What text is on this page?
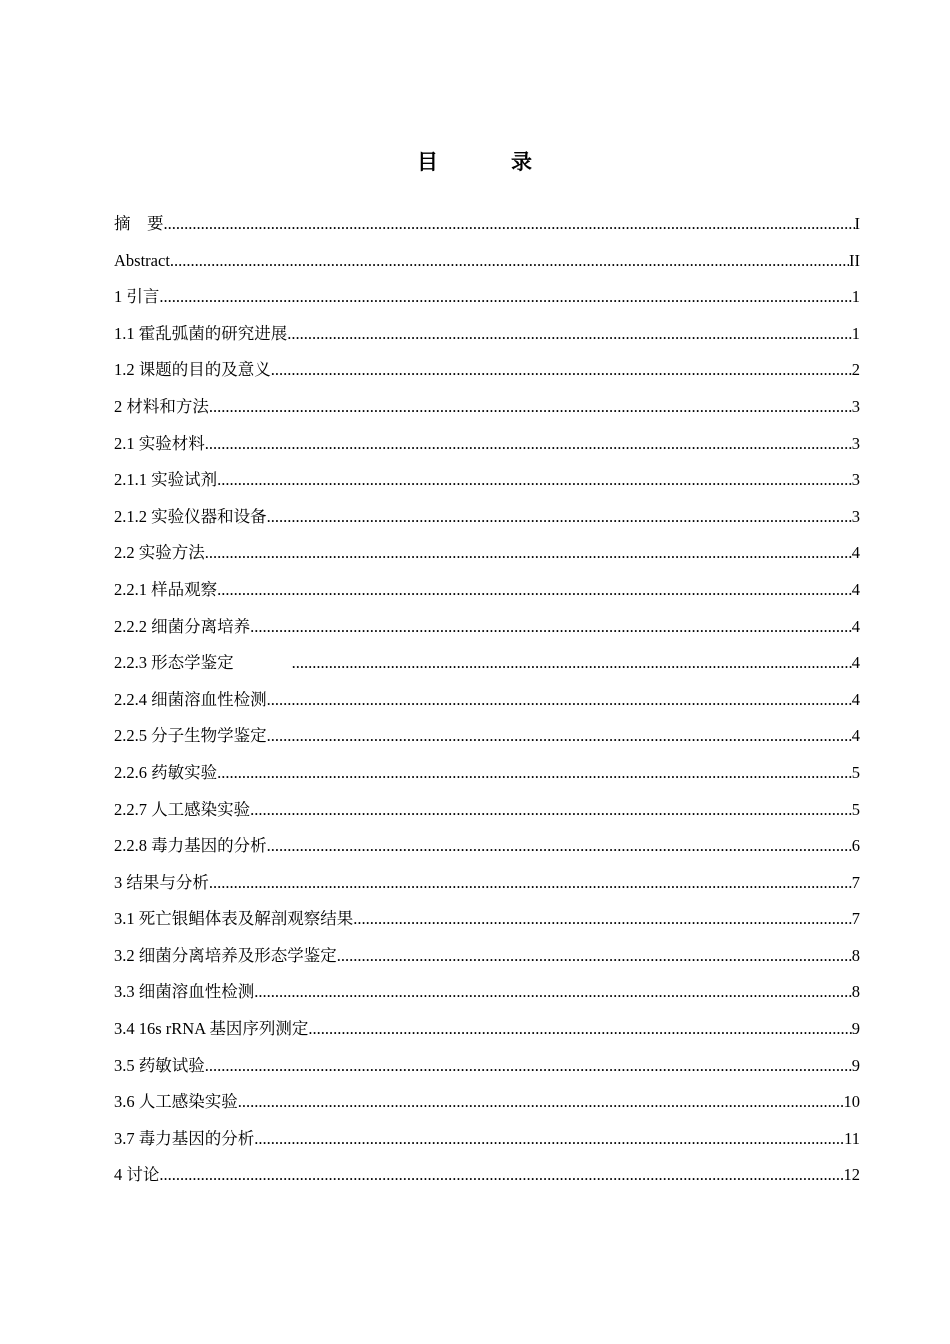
目　录
摘　要 .....	I
Abstract .....	II
1 引言 .....	1
1.1 霍乱弧菌的研究进展 .....	1
1.2 课题的目的及意义 .....	2
2 材料和方法 .....	3
2.1 实验材料 .....	3
2.1.1 实验试剂 .....	3
2.1.2 实验仪器和设备 .....	3
2.2 实验方法 .....	4
2.2.1 样品观察 .....	4
2.2.2 细菌分离培养 .....	4
2.2.3 形态学鉴定 .....	4
2.2.4 细菌溶血性检测 .....	4
2.2.5 分子生物学鉴定 .....	4
2.2.6 药敏实验 .....	5
2.2.7 人工感染实验 .....	5
2.2.8 毒力基因的分析 .....	6
3 结果与分析 .....	7
3.1 死亡银鲳体表及解剖观察结果 .....	7
3.2 细菌分离培养及形态学鉴定 .....	8
3.3 细菌溶血性检测 .....	8
3.4 16s rRNA 基因序列测定 .....	9
3.5 药敏试验 .....	9
3.6 人工感染实验 .....	10
3.7 毒力基因的分析 .....	11
4 讨论 .....	12
